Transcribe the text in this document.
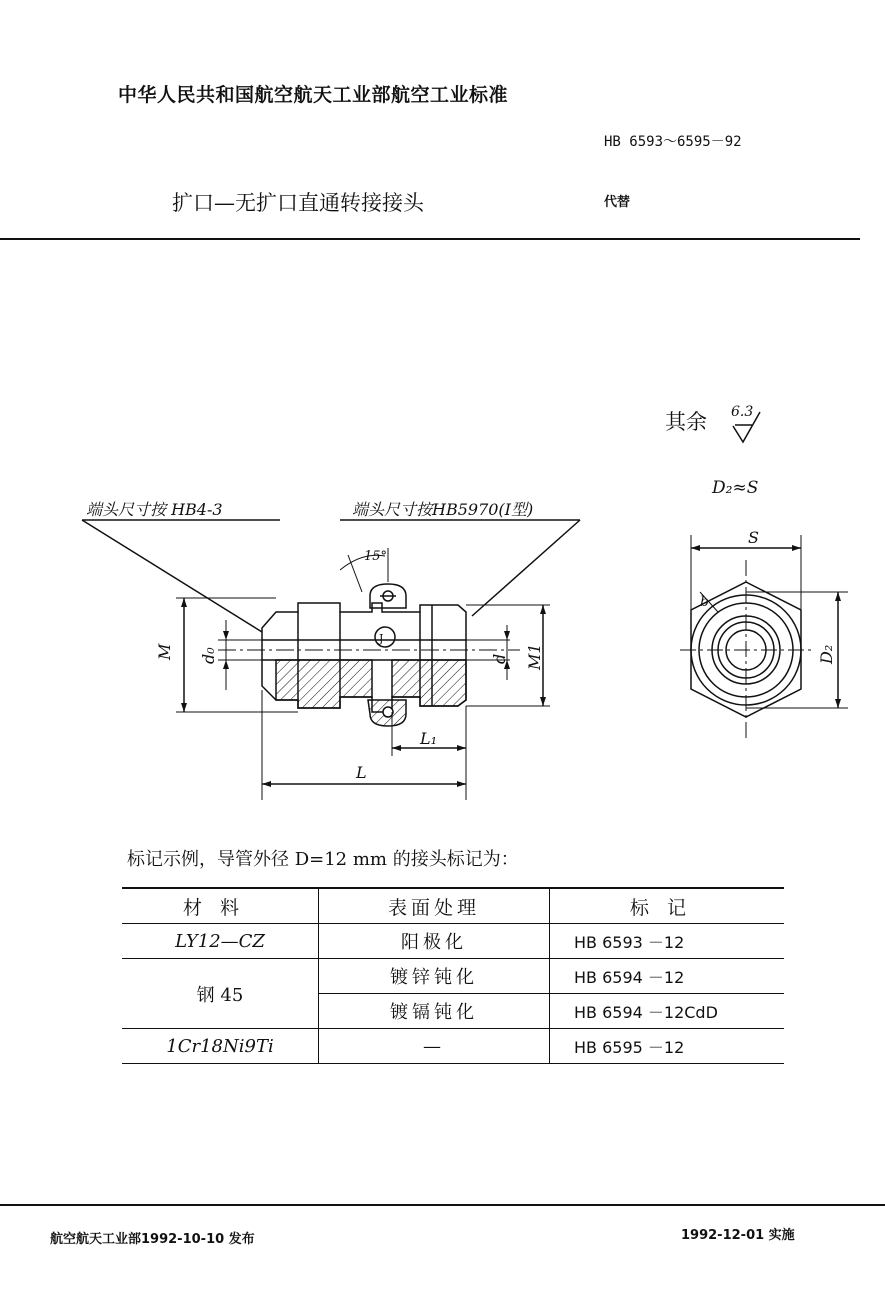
中华人民共和国航空航天工业部航空工业标准
HB 6593～6595－92
扩口—无扩口直通转接接头	代替
其余 6.3
D₂≈S
端头尺寸按 HB4-3	端头尺寸按HB5970(Ⅰ型)
15°
J
M d₀	d M1
L₁
L
S
D₂
b
标记示例，导管外径 D=12 mm 的接头标记为：
材料	表面处理	标记
LY12—CZ	阳极化	HB 6593 －12
钢 45	镀锌钝化	HB 6594 －12
	镀镉钝化	HB 6594 －12CdD
1Cr18Ni9Ti	—	HB 6595 －12
航空航天工业部1992-10-10 发布	1992-12-01 实施
